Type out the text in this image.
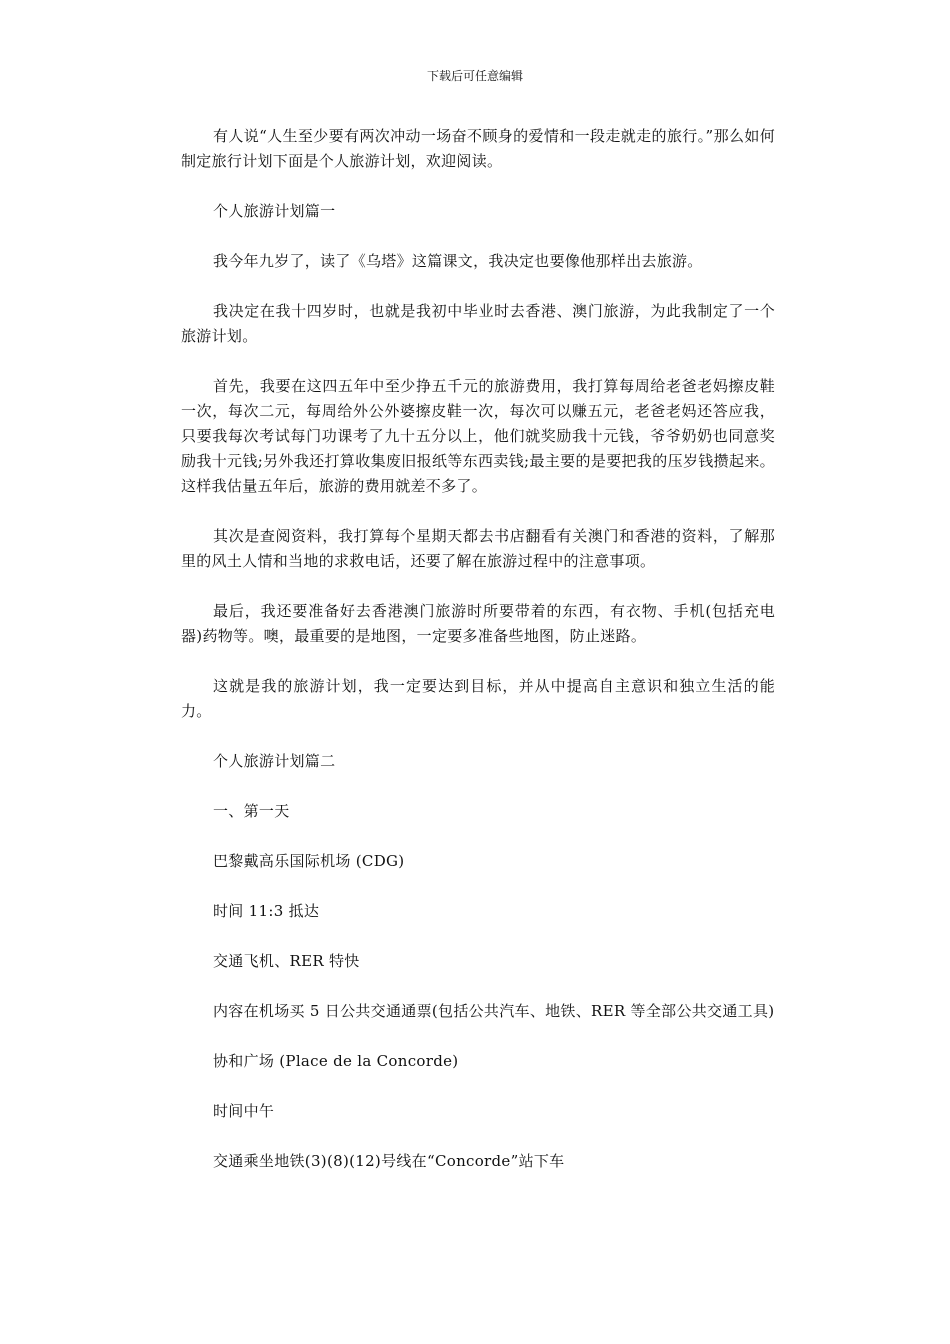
下载后可任意编辑

有人说“人生至少要有两次冲动一场奋不顾身的爱情和一段走就走的旅行。”那么如何制定旅行计划下面是个人旅游计划，欢迎阅读。

个人旅游计划篇一

我今年九岁了，读了《乌塔》这篇课文，我决定也要像他那样出去旅游。

我决定在我十四岁时，也就是我初中毕业时去香港、澳门旅游，为此我制定了一个旅游计划。

首先，我要在这四五年中至少挣五千元的旅游费用，我打算每周给老爸老妈擦皮鞋一次，每次二元，每周给外公外婆擦皮鞋一次，每次可以赚五元，老爸老妈还答应我，只要我每次考试每门功课考了九十五分以上，他们就奖励我十元钱，爷爷奶奶也同意奖励我十元钱;另外我还打算收集废旧报纸等东西卖钱;最主要的是要把我的压岁钱攒起来。这样我估量五年后，旅游的费用就差不多了。

其次是查阅资料，我打算每个星期天都去书店翻看有关澳门和香港的资料，了解那里的风土人情和当地的求救电话，还要了解在旅游过程中的注意事项。

最后，我还要准备好去香港澳门旅游时所要带着的东西，有衣物、手机(包括充电器)药物等。噢，最重要的是地图，一定要多准备些地图，防止迷路。

这就是我的旅游计划，我一定要达到目标，并从中提高自主意识和独立生活的能力。

个人旅游计划篇二

一、第一天

巴黎戴高乐国际机场 (CDG)

时间 11:3 抵达

交通飞机、RER 特快

内容在机场买 5 日公共交通通票(包括公共汽车、地铁、RER 等全部公共交通工具)

协和广场 (Place de la Concorde)

时间中午

交通乘坐地铁(3)(8)(12)号线在“Concorde”站下车
